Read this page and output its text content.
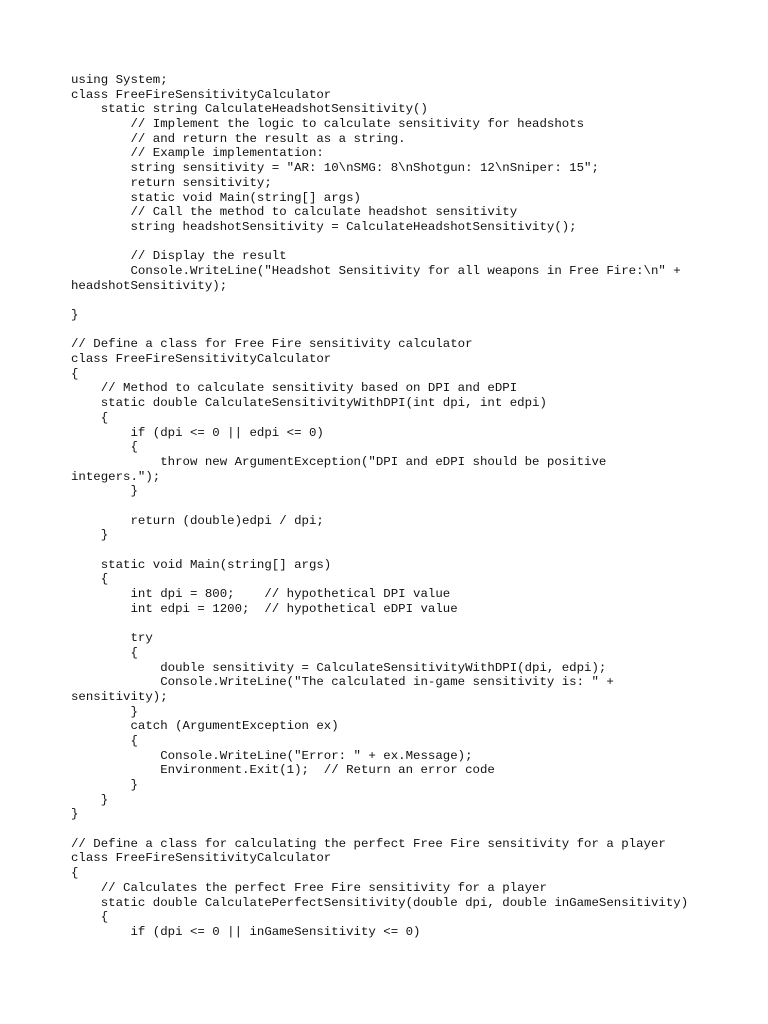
using System;
class FreeFireSensitivityCalculator
static string CalculateHeadshotSensitivity()
// Implement the logic to calculate sensitivity for headshots
// and return the result as a string.
// Example implementation:
string sensitivity = "AR: 10\nSMG: 8\nShotgun: 12\nSniper: 15";
return sensitivity;
static void Main(string[] args)
// Call the method to calculate headshot sensitivity
string headshotSensitivity = CalculateHeadshotSensitivity();
// Display the result
Console.WriteLine("Headshot Sensitivity for all weapons in Free Fire:\n" +
headshotSensitivity);
}
// Define a class for Free Fire sensitivity calculator
class FreeFireSensitivityCalculator
{
// Method to calculate sensitivity based on DPI and eDPI
static double CalculateSensitivityWithDPI(int dpi, int edpi)
{
if (dpi <= 0 || edpi <= 0)
{
throw new ArgumentException("DPI and eDPI should be positive
integers.");
}
return (double)edpi / dpi;
}
static void Main(string[] args)
{
int dpi = 800;    // hypothetical DPI value
int edpi = 1200;  // hypothetical eDPI value
try
{
double sensitivity = CalculateSensitivityWithDPI(dpi, edpi);
Console.WriteLine("The calculated in-game sensitivity is: " +
sensitivity);
}
catch (ArgumentException ex)
{
Console.WriteLine("Error: " + ex.Message);
Environment.Exit(1);  // Return an error code
}
}
}
// Define a class for calculating the perfect Free Fire sensitivity for a player
class FreeFireSensitivityCalculator
{
// Calculates the perfect Free Fire sensitivity for a player
static double CalculatePerfectSensitivity(double dpi, double inGameSensitivity)
{
if (dpi <= 0 || inGameSensitivity <= 0)
